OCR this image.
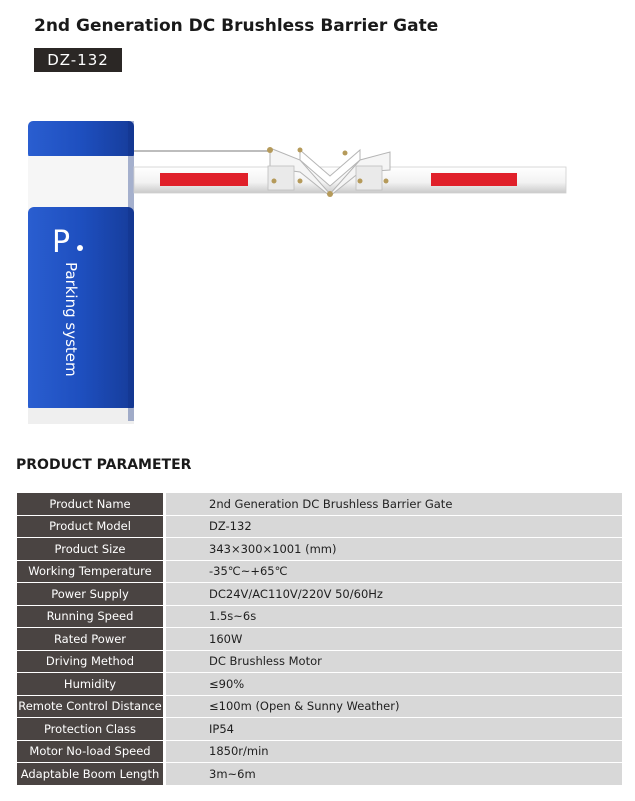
2nd Generation DC Brushless Barrier Gate
DZ-132
P
Parking system
PRODUCT PARAMETER
Product Name		2nd Generation DC Brushless Barrier Gate
Product Model		DZ-132
Product Size		343×300×1001 (mm)
Working Temperature		-35℃~+65℃
Power Supply		DC24V/AC110V/220V 50/60Hz
Running Speed		1.5s~6s
Rated Power		160W
Driving Method		DC Brushless Motor
Humidity		≤90%
Remote Control Distance		≤100m (Open & Sunny Weather)
Protection Class		IP54
Motor No-load Speed		1850r/min
Adaptable Boom Length		3m~6m
